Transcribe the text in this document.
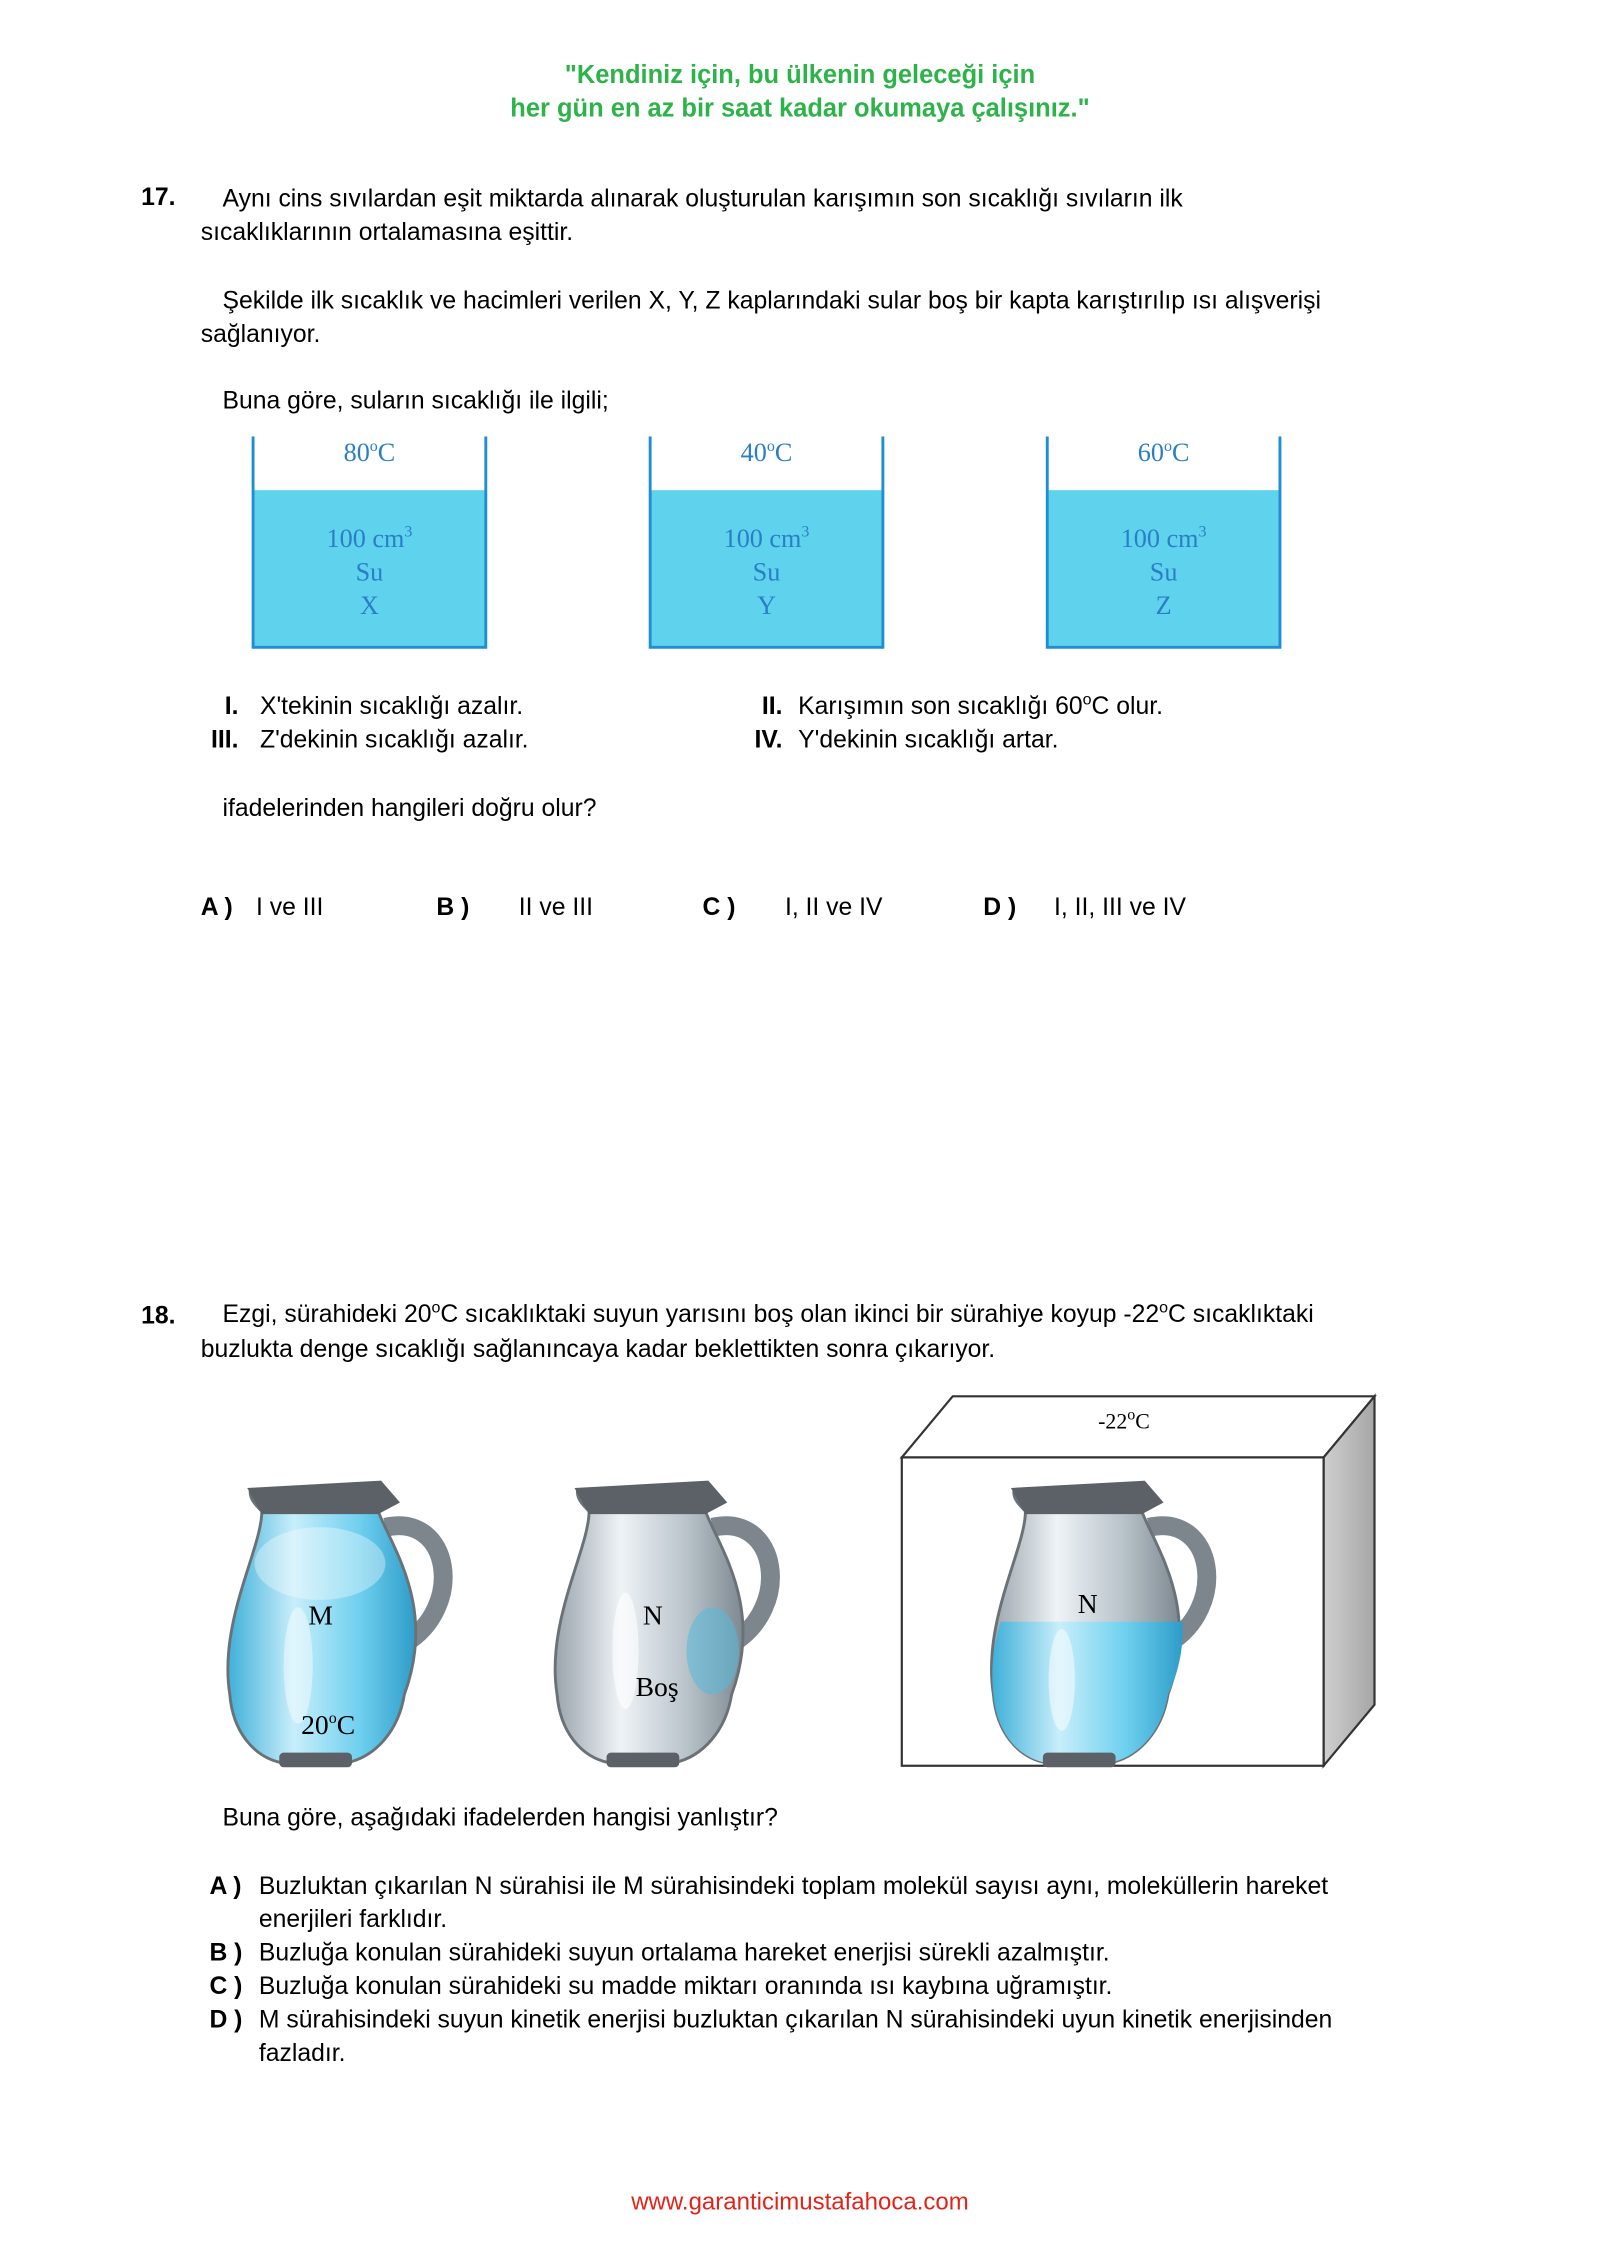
"Kendiniz için, bu ülkenin geleceği için
her gün en az bir saat kadar okumaya çalışınız."
17.	Aynı cins sıvılardan eşit miktarda alınarak oluşturulan karışımın son sıcaklığı sıvıların ilk
sıcaklıklarının ortalamasına eşittir.
Şekilde ilk sıcaklık ve hacimleri verilen X, Y, Z kaplarındaki sular boş bir kapta karıştırılıp ısı alışverişi
sağlanıyor.
Buna göre, suların sıcaklığı ile ilgili;
80$^o$C
100 $cm^3$
Su
X
40$^o$C
100 $cm^3$
Su
Y
60$^o$C
100 $cm^3$
Su
Z
I. X'tekinin sıcaklığı azalır.
III. Z'dekinin sıcaklığı azalır.
II. Karışımın son sıcaklığı 60$^o$C olur.
IV. Y'dekinin sıcaklığı artar.
ifadelerinden hangileri doğru olur?
A ) I ve III	B )	II ve III	C )	I, II ve IV	D ) I, II, III ve IV
18.	Ezgi, sürahideki 20$^o$C sıcaklıktaki suyun yarısını boş olan ikinci bir sürahiye koyup -22$^o$C sıcaklıktaki
buzlukta denge sıcaklığı sağlanıncaya kadar beklettikten sonra çıkarıyor.
-22$^o$C
M
20$^o$C
N
Boş
N
Buna göre, aşağıdaki ifadelerden hangisi yanlıştır?
A ) Buzluktan çıkarılan N sürahisi ile M sürahisindeki toplam molekül sayısı aynı, moleküllerin hareket
enerjileri farklıdır.
B ) Buzluğa konulan sürahideki suyun ortalama hareket enerjisi sürekli azalmıştır.
C ) Buzluğa konulan sürahideki su madde miktarı oranında ısı kaybına uğramıştır.
D ) M sürahisindeki suyun kinetik enerjisi buzluktan çıkarılan N sürahisindeki uyun kinetik enerjisinden
fazladır.
www.garanticimustafahoca.com
